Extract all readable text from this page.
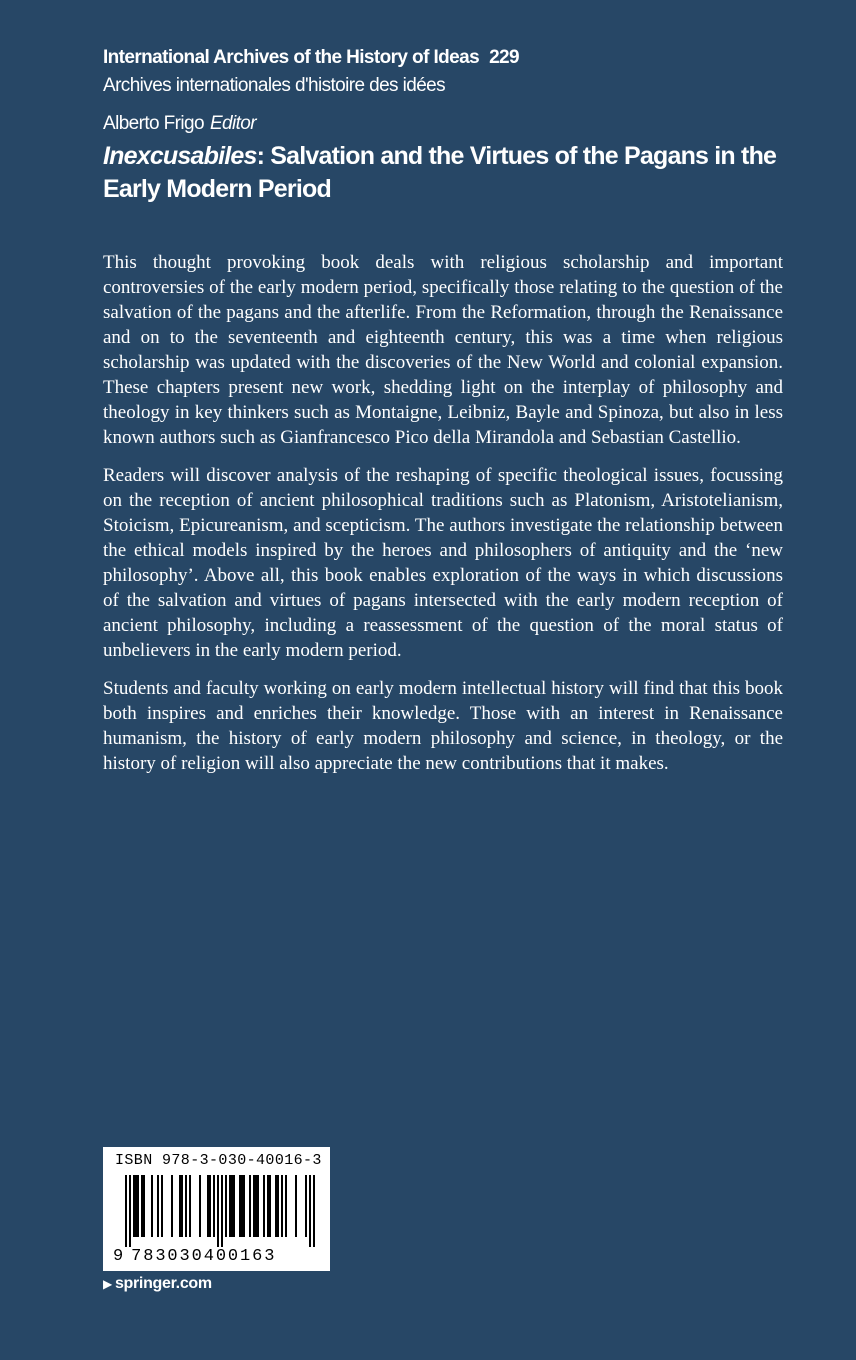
International Archives of the History of Ideas 229
Archives internationales d'histoire des idées
Alberto Frigo Editor
Inexcusabiles: Salvation and the Virtues of the Pagans in the Early Modern Period

This thought provoking book deals with religious scholarship and important controversies of the early modern period, specifically those relating to the question of the salvation of the pagans and the afterlife. From the Reformation, through the Renaissance and on to the seventeenth and eighteenth century, this was a time when religious scholarship was updated with the discoveries of the New World and colonial expansion. These chapters present new work, shedding light on the interplay of philosophy and theology in key thinkers such as Montaigne, Leibniz, Bayle and Spinoza, but also in less known authors such as Gianfrancesco Pico della Mirandola and Sebastian Castellio.

Readers will discover analysis of the reshaping of specific theological issues, focussing on the reception of ancient philosophical traditions such as Platonism, Aristotelianism, Stoicism, Epicureanism, and scepticism. The authors investigate the relationship between the ethical models inspired by the heroes and philosophers of antiquity and the ‘new philosophy’. Above all, this book enables exploration of the ways in which discussions of the salvation and virtues of pagans intersected with the early modern reception of ancient philosophy, including a reassessment of the question of the moral status of unbelievers in the early modern period.

Students and faculty working on early modern intellectual history will find that this book both inspires and enriches their knowledge. Those with an interest in Renaissance humanism, the history of early modern philosophy and science, in theology, or the history of religion will also appreciate the new contributions that it makes.

ISBN 978-3-030-40016-3
9 783030400163
▶ springer.com
